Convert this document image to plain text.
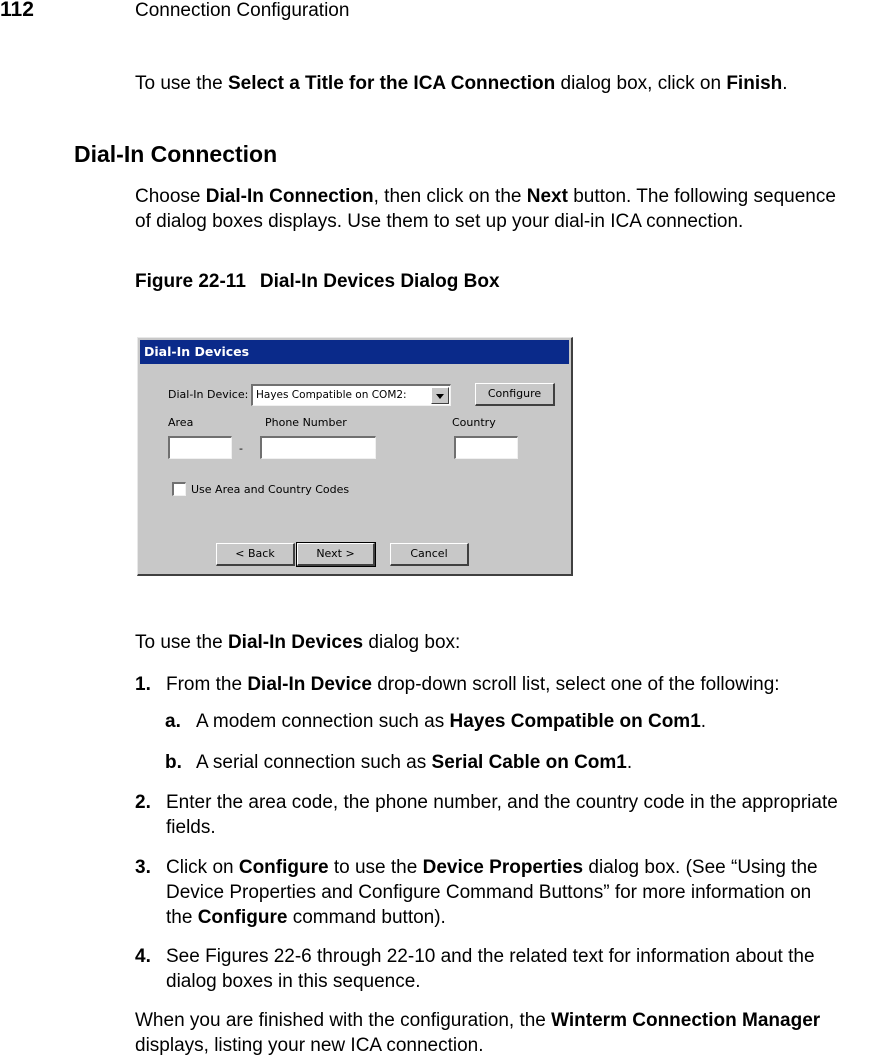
112	Connection Configuration
To use the Select a Title for the ICA Connection dialog box, click on Finish.
Dial-In Connection
Choose Dial-In Connection, then click on the Next button. The following sequence
of dialog boxes displays. Use them to set up your dial-in ICA connection.
Figure 22-11 Dial-In Devices Dialog Box
Dial-In Devices
Dial-In Device: Hayes Compatible on COM2:	Configure
Area	Phone Number	Country
-
Use Area and Country Codes
< Back	Next >	Cancel
To use the Dial-In Devices dialog box:
1. From the Dial-In Device drop-down scroll list, select one of the following:
a. A modem connection such as Hayes Compatible on Com1.
b. A serial connection such as Serial Cable on Com1.
2. Enter the area code, the phone number, and the country code in the appropriate
fields.
3. Click on Configure to use the Device Properties dialog box. (See “Using the
Device Properties and Configure Command Buttons” for more information on
the Configure command button).
4. See Figures 22-6 through 22-10 and the related text for information about the
dialog boxes in this sequence.
When you are finished with the configuration, the Winterm Connection Manager
displays, listing your new ICA connection.
